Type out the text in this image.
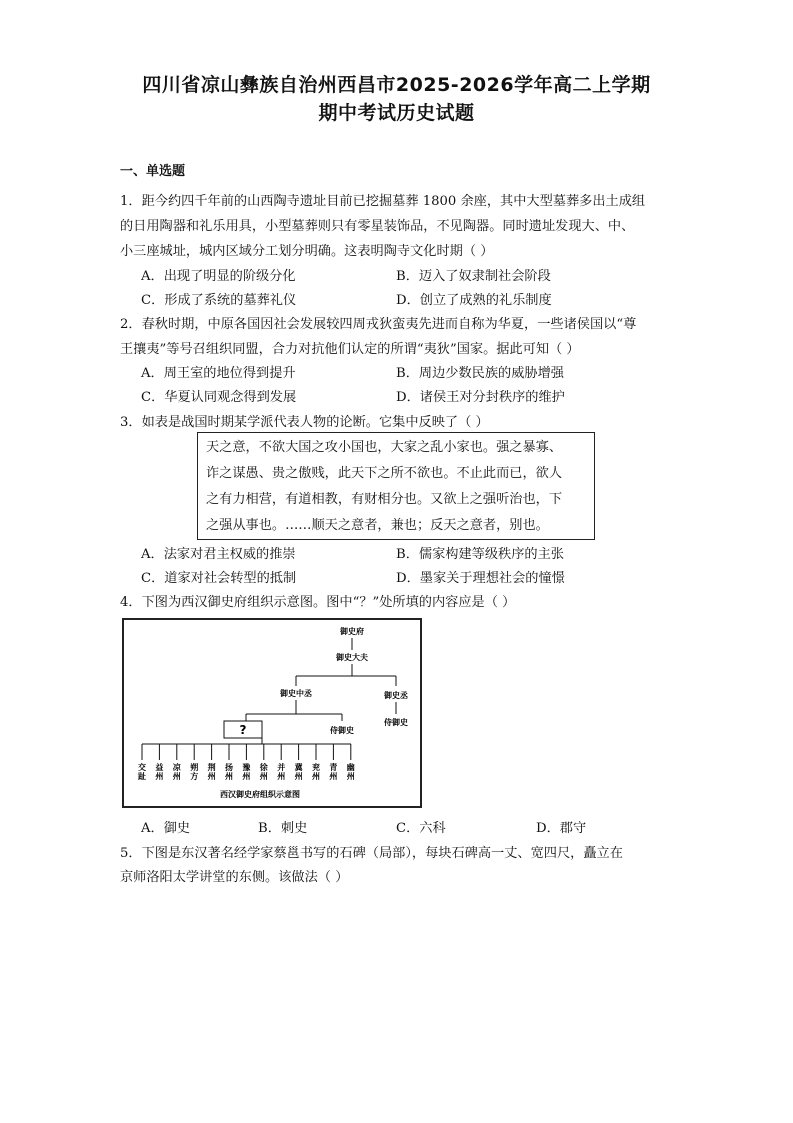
四川省凉山彝族自治州西昌市2025-2026学年高二上学期
期中考试历史试题
一、单选题
1．距今约四千年前的山西陶寺遗址目前已挖掘墓葬 1800 余座，其中大型墓葬多出土成组
的日用陶器和礼乐用具，小型墓葬则只有零星装饰品，不见陶器。同时遗址发现大、中、
小三座城址，城内区域分工划分明确。这表明陶寺文化时期（ ）
A．出现了明显的阶级分化	B．迈入了奴隶制社会阶段
C．形成了系统的墓葬礼仪	D．创立了成熟的礼乐制度
2．春秋时期，中原各国因社会发展较四周戎狄蛮夷先进而自称为华夏，一些诸侯国以“尊
王攘夷”等号召组织同盟，合力对抗他们认定的所谓“夷狄”国家。据此可知（ ）
A．周王室的地位得到提升	B．周边少数民族的威胁增强
C．华夏认同观念得到发展	D．诸侯王对分封秩序的维护
3．如表是战国时期某学派代表人物的论断。它集中反映了（ ）
天之意，不欲大国之攻小国也，大家之乱小家也。强之暴寡、
诈之谋愚、贵之傲贱，此天下之所不欲也。不止此而已，欲人
之有力相营，有道相教，有财相分也。又欲上之强听治也，下
之强从事也。……顺天之意者，兼也；反天之意者，别也。
A．法家对君主权威的推崇	B．儒家构建等级秩序的主张
C．道家对社会转型的抵制	D．墨家关于理想社会的憧憬
4．下图为西汉御史府组织示意图。图中“？”处所填的内容应是（ ）
御史府
御史大夫
御史中丞	御史丞
侍御史
侍御史
?
交趾
益州
凉州
朔方
荆州
扬州
豫州
徐州
并州
冀州
兖州
青州
幽州
西汉御史府组织示意图
A．御史	B．刺史	C．六科	D．郡守
5．下图是东汉著名经学家蔡邕书写的石碑（局部），每块石碑高一丈、宽四尺，矗立在
京师洛阳太学讲堂的东侧。该做法（ ）
